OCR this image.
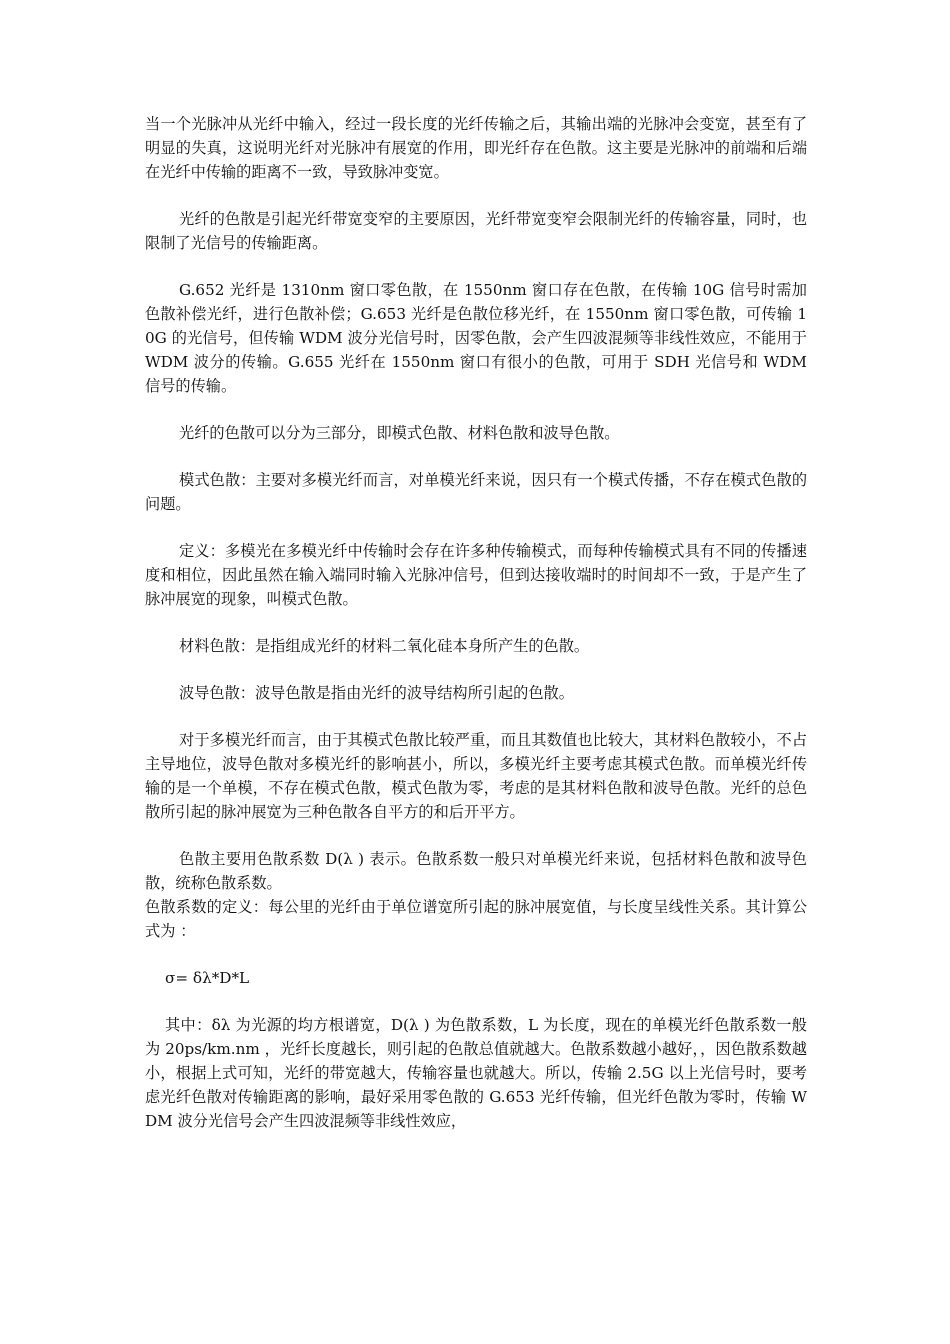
当一个光脉冲从光纤中输入，经过一段长度的光纤传输之后，其输出端的光脉冲会变宽，甚至有了明显的失真，这说明光纤对光脉冲有展宽的作用，即光纤存在色散。这主要是光脉冲的前端和后端在光纤中传输的距离不一致，导致脉冲变宽。

光纤的色散是引起光纤带宽变窄的主要原因，光纤带宽变窄会限制光纤的传输容量，同时，也限制了光信号的传输距离。

G.652 光纤是 1310nm 窗口零色散，在 1550nm 窗口存在色散，在传输 10G 信号时需加色散补偿光纤，进行色散补偿；G.653 光纤是色散位移光纤，在 1550nm 窗口零色散，可传输 10G 的光信号，但传输 WDM 波分光信号时，因零色散，会产生四波混频等非线性效应，不能用于 WDM 波分的传输。G.655 光纤在 1550nm 窗口有很小的色散，可用于 SDH 光信号和 WDM 信号的传输。

光纤的色散可以分为三部分，即模式色散、材料色散和波导色散。

模式色散：主要对多模光纤而言，对单模光纤来说，因只有一个模式传播，不存在模式色散的问题。

定义：多模光在多模光纤中传输时会存在许多种传输模式，而每种传输模式具有不同的传播速度和相位，因此虽然在输入端同时输入光脉冲信号，但到达接收端时的时间却不一致，于是产生了脉冲展宽的现象，叫模式色散。

材料色散：是指组成光纤的材料二氧化硅本身所产生的色散。

波导色散：波导色散是指由光纤的波导结构所引起的色散。

对于多模光纤而言，由于其模式色散比较严重，而且其数值也比较大，其材料色散较小，不占主导地位，波导色散对多模光纤的影响甚小，所以，多模光纤主要考虑其模式色散。而单模光纤传输的是一个单模，不存在模式色散，模式色散为零，考虑的是其材料色散和波导色散。光纤的总色散所引起的脉冲展宽为三种色散各自平方的和后开平方。

色散主要用色散系数 D(λ ) 表示。色散系数一般只对单模光纤来说，包括材料色散和波导色散，统称色散系数。

色散系数的定义：每公里的光纤由于单位谱宽所引起的脉冲展宽值，与长度呈线性关系。其计算公式为 ：

σ= δλ*D*L

其中：δλ 为光源的均方根谱宽，D(λ ) 为色散系数，L 为长度，现在的单模光纤色散系数一般为 20ps/km.nm ，光纤长度越长，则引起的色散总值就越大。色散系数越小越好，，因色散系数越小，根据上式可知，光纤的带宽越大，传输容量也就越大。所以，传输 2.5G 以上光信号时，要考虑光纤色散对传输距离的影响，最好采用零色散的 G.653 光纤传输，但光纤色散为零时，传输 WDM 波分光信号会产生四波混频等非线性效应，
